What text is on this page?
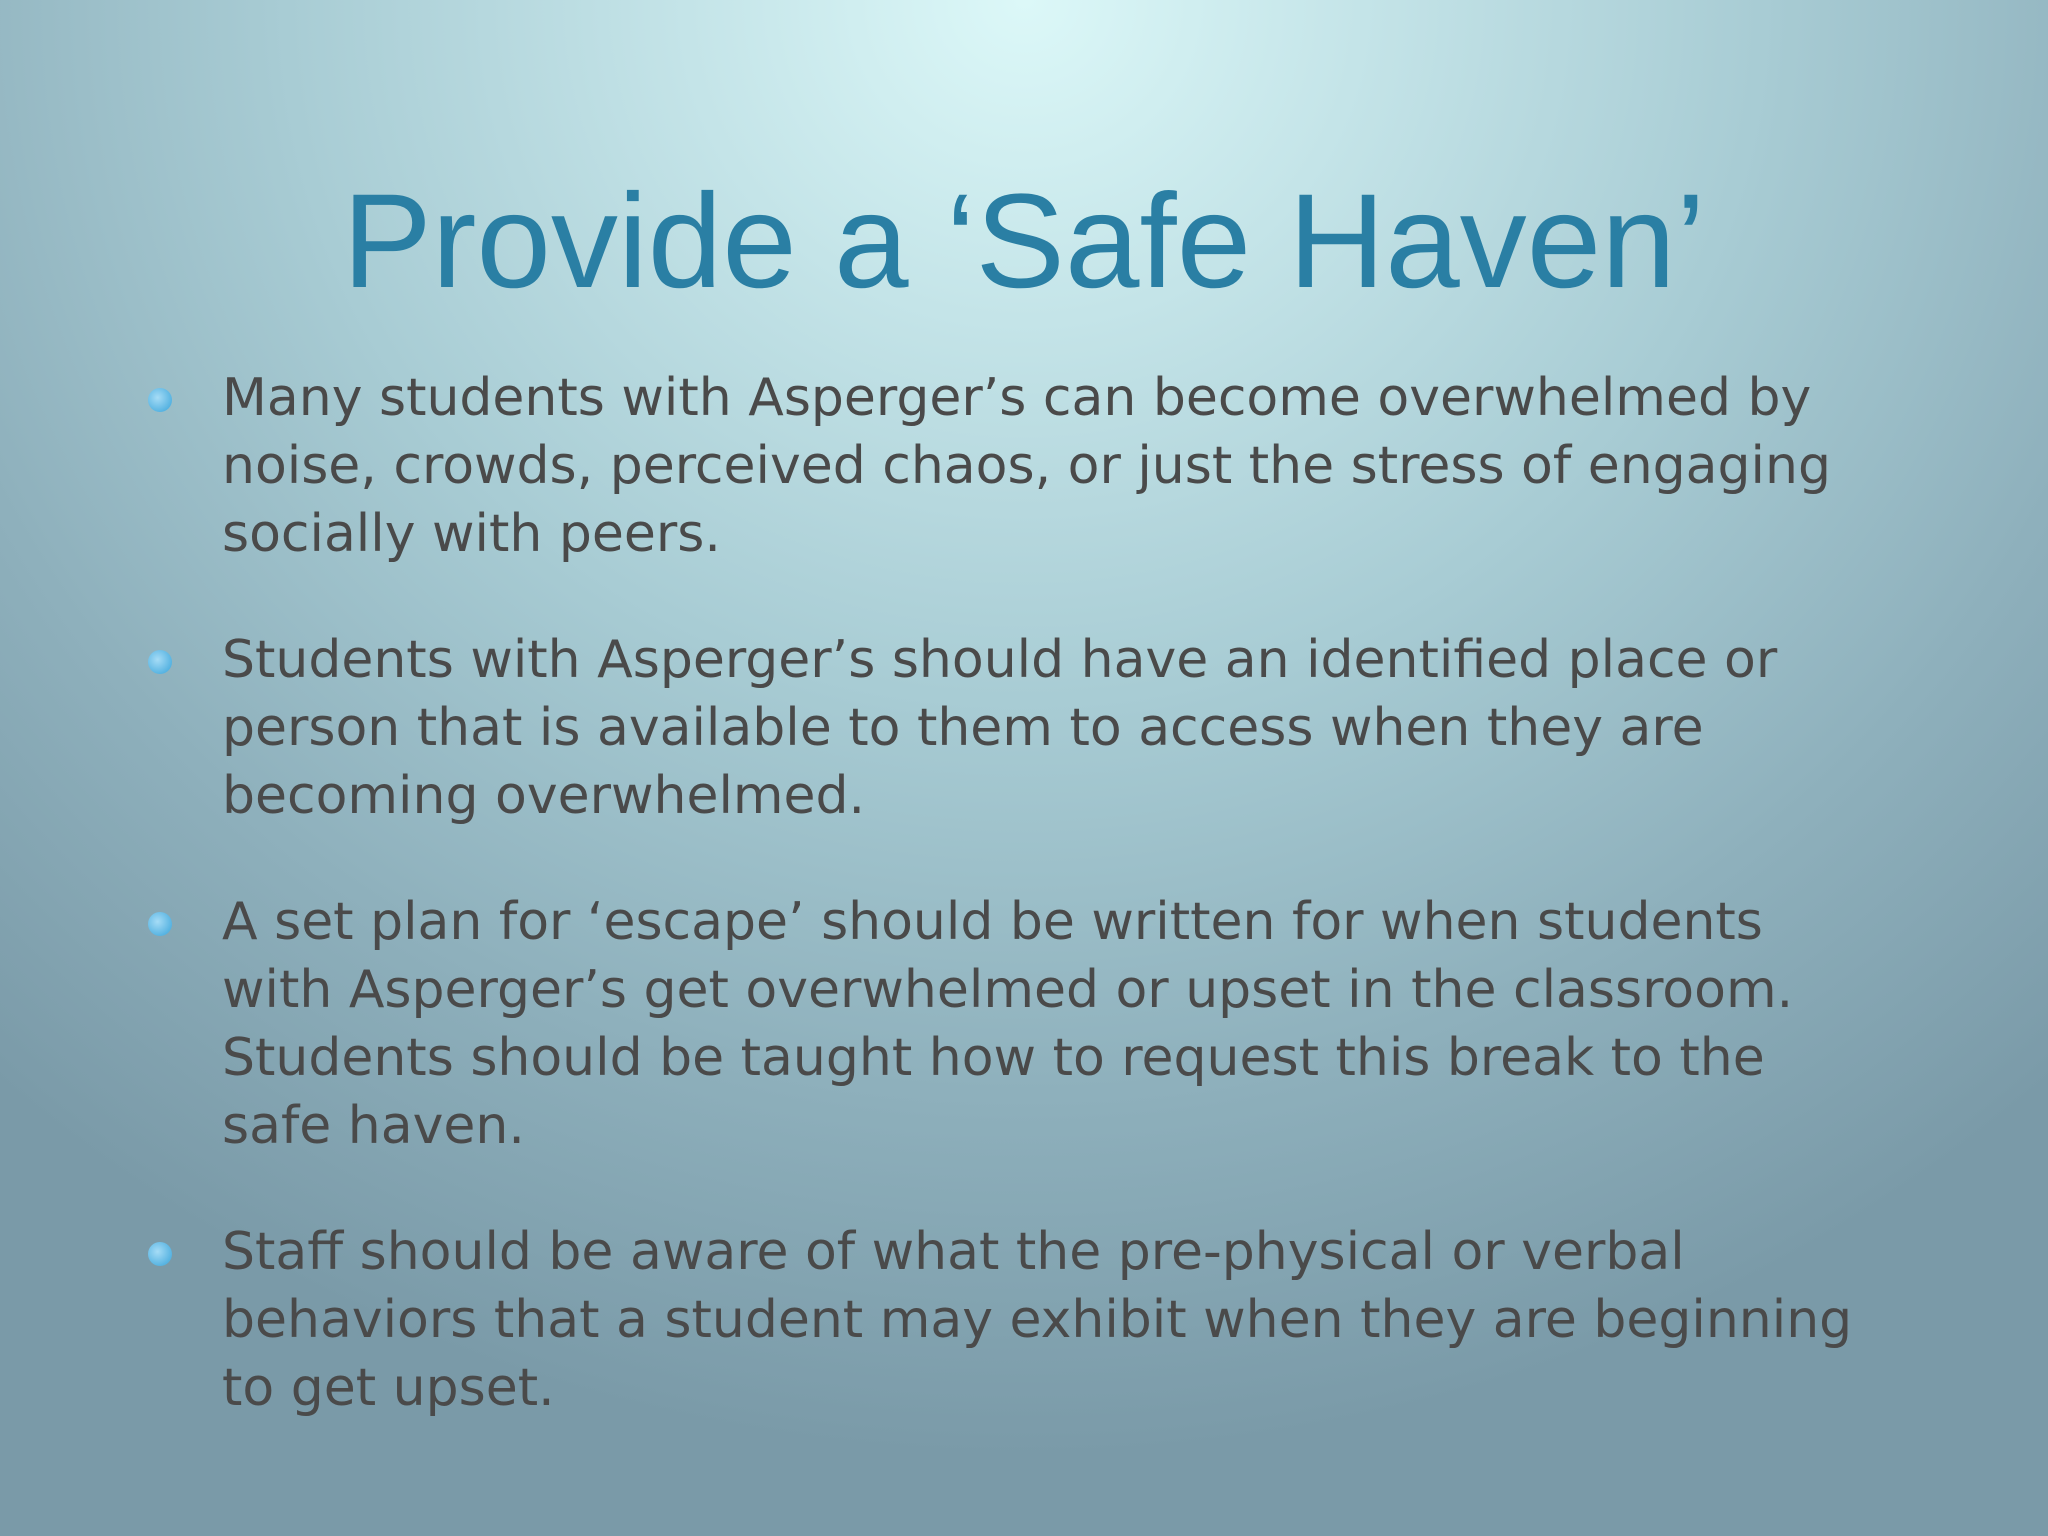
Provide a ‘Safe Haven’
Many students with Asperger’s can become overwhelmed by noise, crowds, perceived chaos, or just the stress of engaging socially with peers.
Students with Asperger’s should have an identified place or person that is available to them to access when they are becoming overwhelmed.
A set plan for ‘escape’ should be written for when students with Asperger’s get overwhelmed or upset in the classroom. Students should be taught how to request this break to the safe haven.
Staff should be aware of what the pre-physical or verbal behaviors that a student may exhibit when they are beginning to get upset.
